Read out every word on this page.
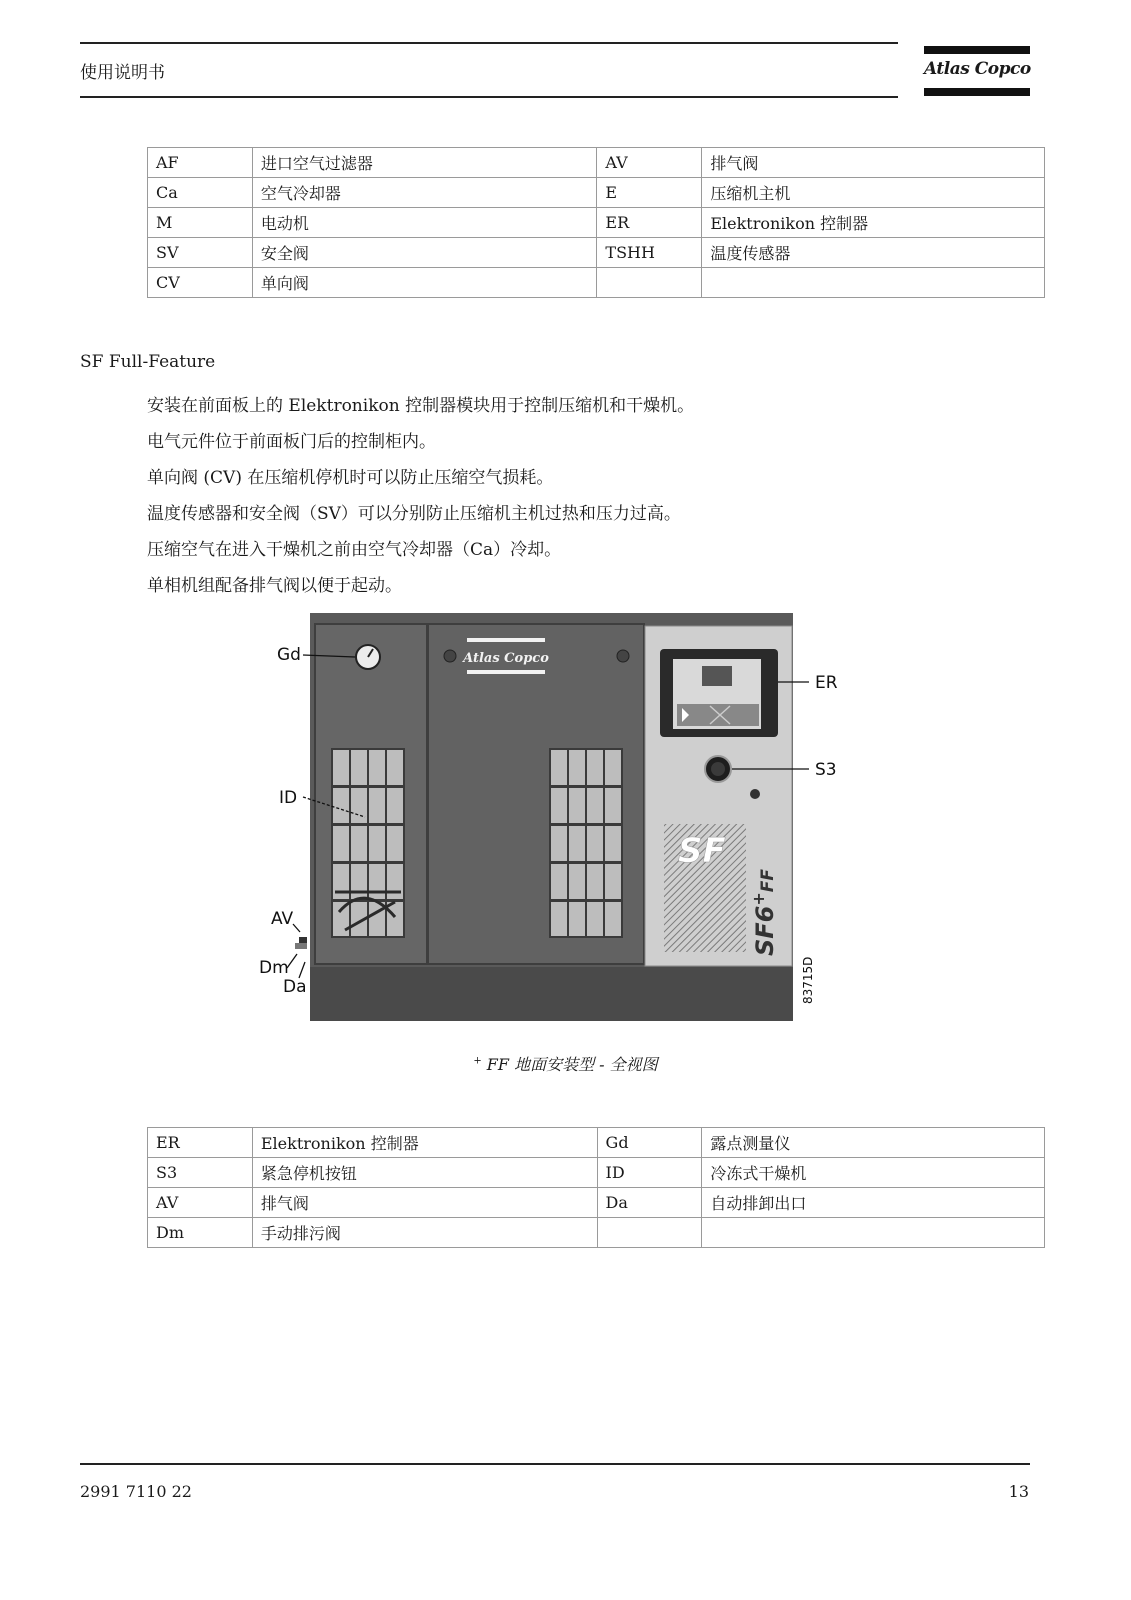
使用说明书	Atlas Copco
AF	进口空气过滤器	AV	排气阀
Ca	空气冷却器	E	压缩机主机
M	电动机	ER	Elektronikon 控制器
SV	安全阀	TSHH	温度传感器
CV	单向阀		
SF Full-Feature

安装在前面板上的 Elektronikon 控制器模块用于控制压缩机和干燥机。

电气元件位于前面板门后的控制柜内。

单向阀 (CV) 在压缩机停机时可以防止压缩空气损耗。

温度传感器和安全阀（SV）可以分别防止压缩机主机过热和压力过高。

压缩空气在进入干燥机之前由空气冷却器（Ca）冷却。

单相机组配备排气阀以便于起动。

Atlas Copco
SF
$SF6^+_{FF}$
Gd
ID
AV
Dm
Da
ER
S3
83715D
+ FF 地面安装型 - 全视图
ER	Elektronikon 控制器	Gd	露点测量仪
S3	紧急停机按钮	ID	冷冻式干燥机
AV	排气阀	Da	自动排卸出口
Dm	手动排污阀		
2991 7110 22	13
